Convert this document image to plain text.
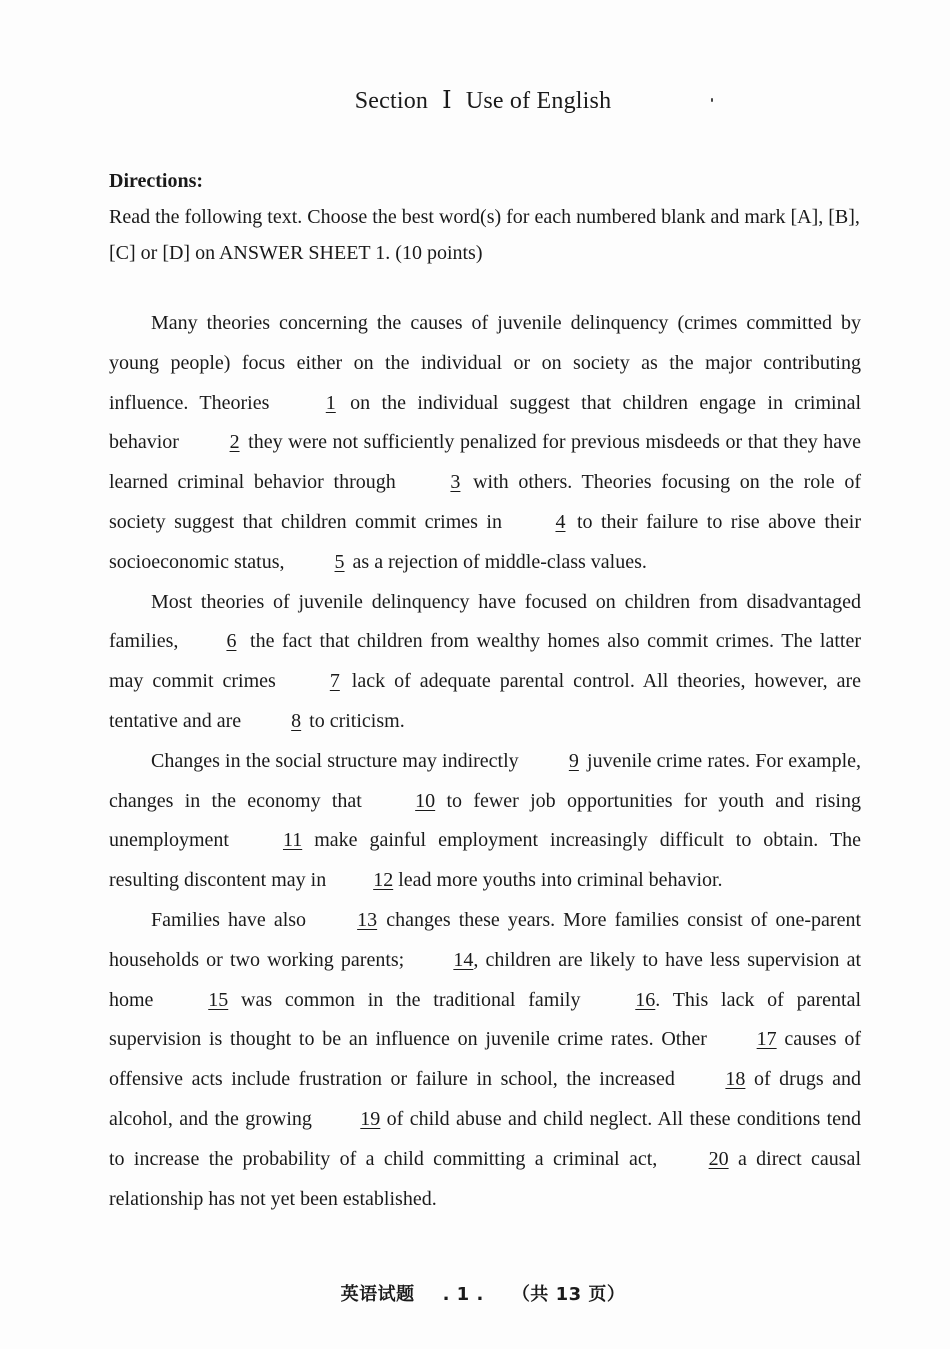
Section Ⅰ Use of English
Directions:
Read the following text. Choose the best word(s) for each numbered blank and mark [A], [B], [C] or [D] on ANSWER SHEET 1. (10 points)

Many theories concerning the causes of juvenile delinquency (crimes committed by young people) focus either on the individual or on society as the major contributing influence. Theories	1 on the individual suggest that children engage in criminal behavior	2 they were not sufficiently penalized for previous misdeeds or that they have learned criminal behavior through	3 with others. Theories focusing on the role of society suggest that children commit crimes in	4 to their failure to rise above their socioeconomic status,	5 as a rejection of middle-class values.

Most theories of juvenile delinquency have focused on children from disadvantaged families, 6 the fact that children from wealthy homes also commit crimes. The latter may commit crimes	7 lack of adequate parental control. All theories, however, are tentative and are	8 to criticism.

Changes in the social structure may indirectly	9 juvenile crime rates. For example, changes in the economy that	10 to fewer job opportunities for youth and rising unemployment	11 make gainful employment increasingly difficult to obtain. The resulting discontent may in 12 lead more youths into criminal behavior.

Families have also	13 changes these years. More families consist of one-parent households or two working parents; 14, children are likely to have less supervision at home	15 was common in the traditional family	16. This lack of parental supervision is thought to be an influence on juvenile crime rates. Other 17 causes of offensive acts include frustration or failure in school, the increased	18 of drugs and alcohol, and the growing 19 of child abuse and child neglect. All these conditions tend to increase the probability of a child committing a criminal act,	20 a direct causal relationship has not yet been established.

英语试题 . 1 . （共 13 页）
